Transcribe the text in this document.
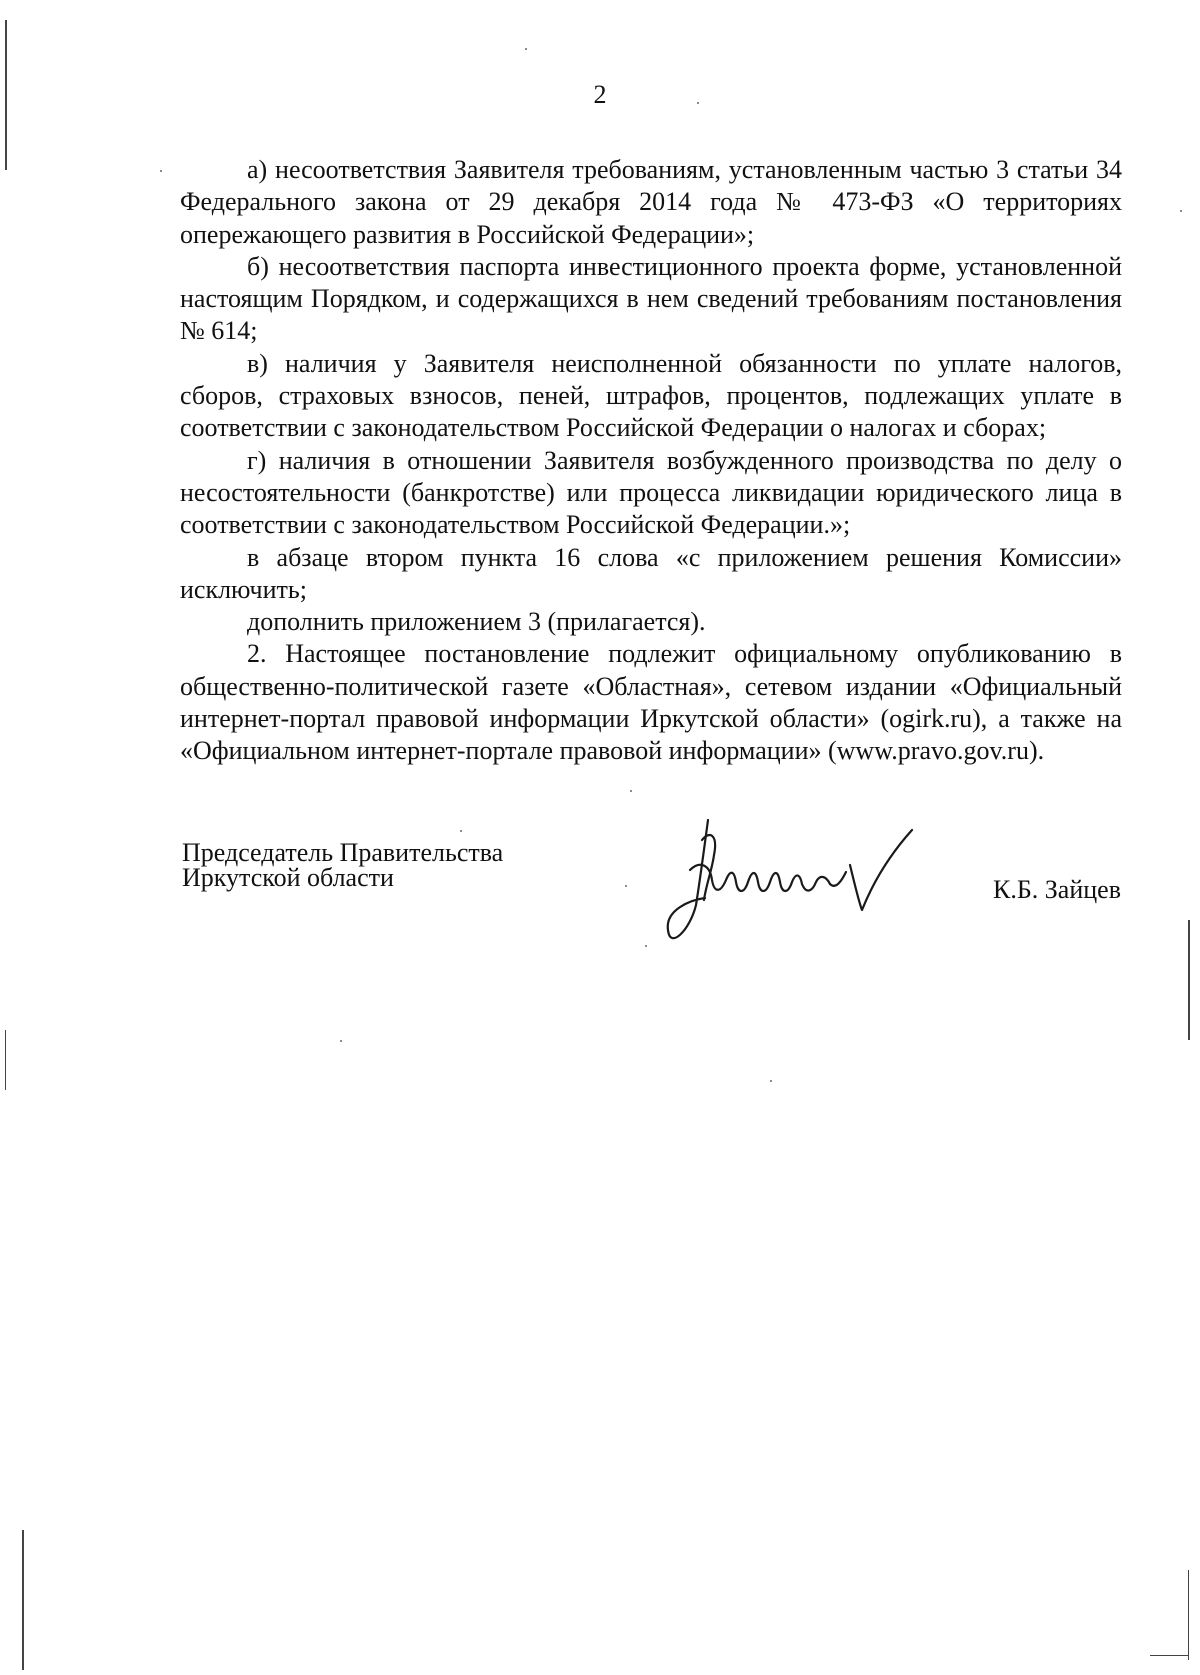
2

а) несоответствия Заявителя требованиям, установленным частью 3 статьи 34 Федерального закона от 29 декабря 2014 года № 473-ФЗ «О территориях опережающего развития в Российской Федерации»;

б) несоответствия паспорта инвестиционного проекта форме, установленной настоящим Порядком, и содержащихся в нем сведений требованиям постановления № 614;

в) наличия у Заявителя неисполненной обязанности по уплате налогов, сборов, страховых взносов, пеней, штрафов, процентов, подлежащих уплате в соответствии с законодательством Российской Федерации о налогах и сборах;

г) наличия в отношении Заявителя возбужденного производства по делу о несостоятельности (банкротстве) или процесса ликвидации юридического лица в соответствии с законодательством Российской Федерации.»;

в абзаце втором пункта 16 слова «с приложением решения Комиссии» исключить;

дополнить приложением 3 (прилагается).

2. Настоящее постановление подлежит официальному опубликованию в общественно-политической газете «Областная», сетевом издании «Официальный интернет-портал правовой информации Иркутской области» (ogirk.ru), а также на «Официальном интернет-портале правовой информации» (www.pravo.gov.ru).

Председатель Правительства
Иркутской области	К.Б. Зайцев
